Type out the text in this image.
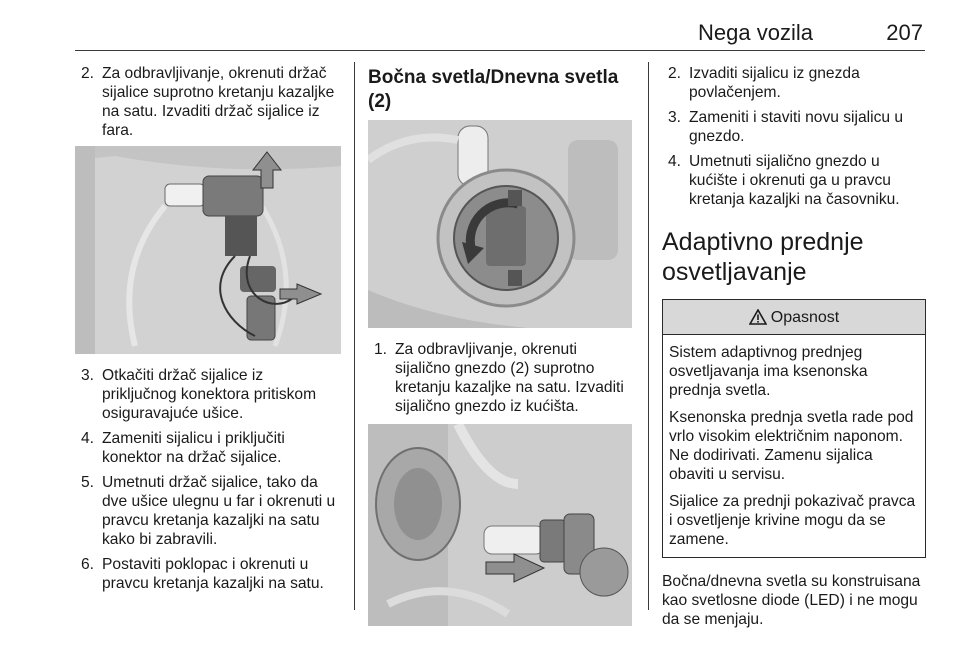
Nega vozila	207
2. Za odbravljivanje, okrenuti držač sijalice suprotno kretanju kazaljke na satu. Izvaditi držač sijalice iz fara.
3. Otkačiti držač sijalice iz priključnog konektora pritiskom osiguravajuće ušice.
4. Zameniti sijalicu i priključiti konektor na držač sijalice.
5. Umetnuti držač sijalice, tako da dve ušice ulegnu u far i okrenuti u pravcu kretanja kazaljki na satu kako bi zabravili.
6. Postaviti poklopac i okrenuti u pravcu kretanja kazaljki na satu.
Bočna svetla/Dnevna svetla (2)
1. Za odbravljivanje, okrenuti sijalično gnezdo (2) suprotno kretanju kazaljke na satu. Izvaditi sijalično gnezdo iz kućišta.
2. Izvaditi sijalicu iz gnezda povlačenjem.
3. Zameniti i staviti novu sijalicu u gnezdo.
4. Umetnuti sijalično gnezdo u kućište i okrenuti ga u pravcu kretanja kazaljki na časovniku.
Adaptivno prednje
osvetljavanje
Opasnost

Sistem adaptivnog prednjeg osvetljavanja ima ksenonska prednja svetla.

Ksenonska prednja svetla rade pod vrlo visokim električnim naponom. Ne dodirivati. Zamenu sijalica obaviti u servisu.

Sijalice za prednji pokazivač pravca i osvetljenje krivine mogu da se zamene.

Bočna/dnevna svetla su konstruisana kao svetlosne diode (LED) i ne mogu da se menjaju.
